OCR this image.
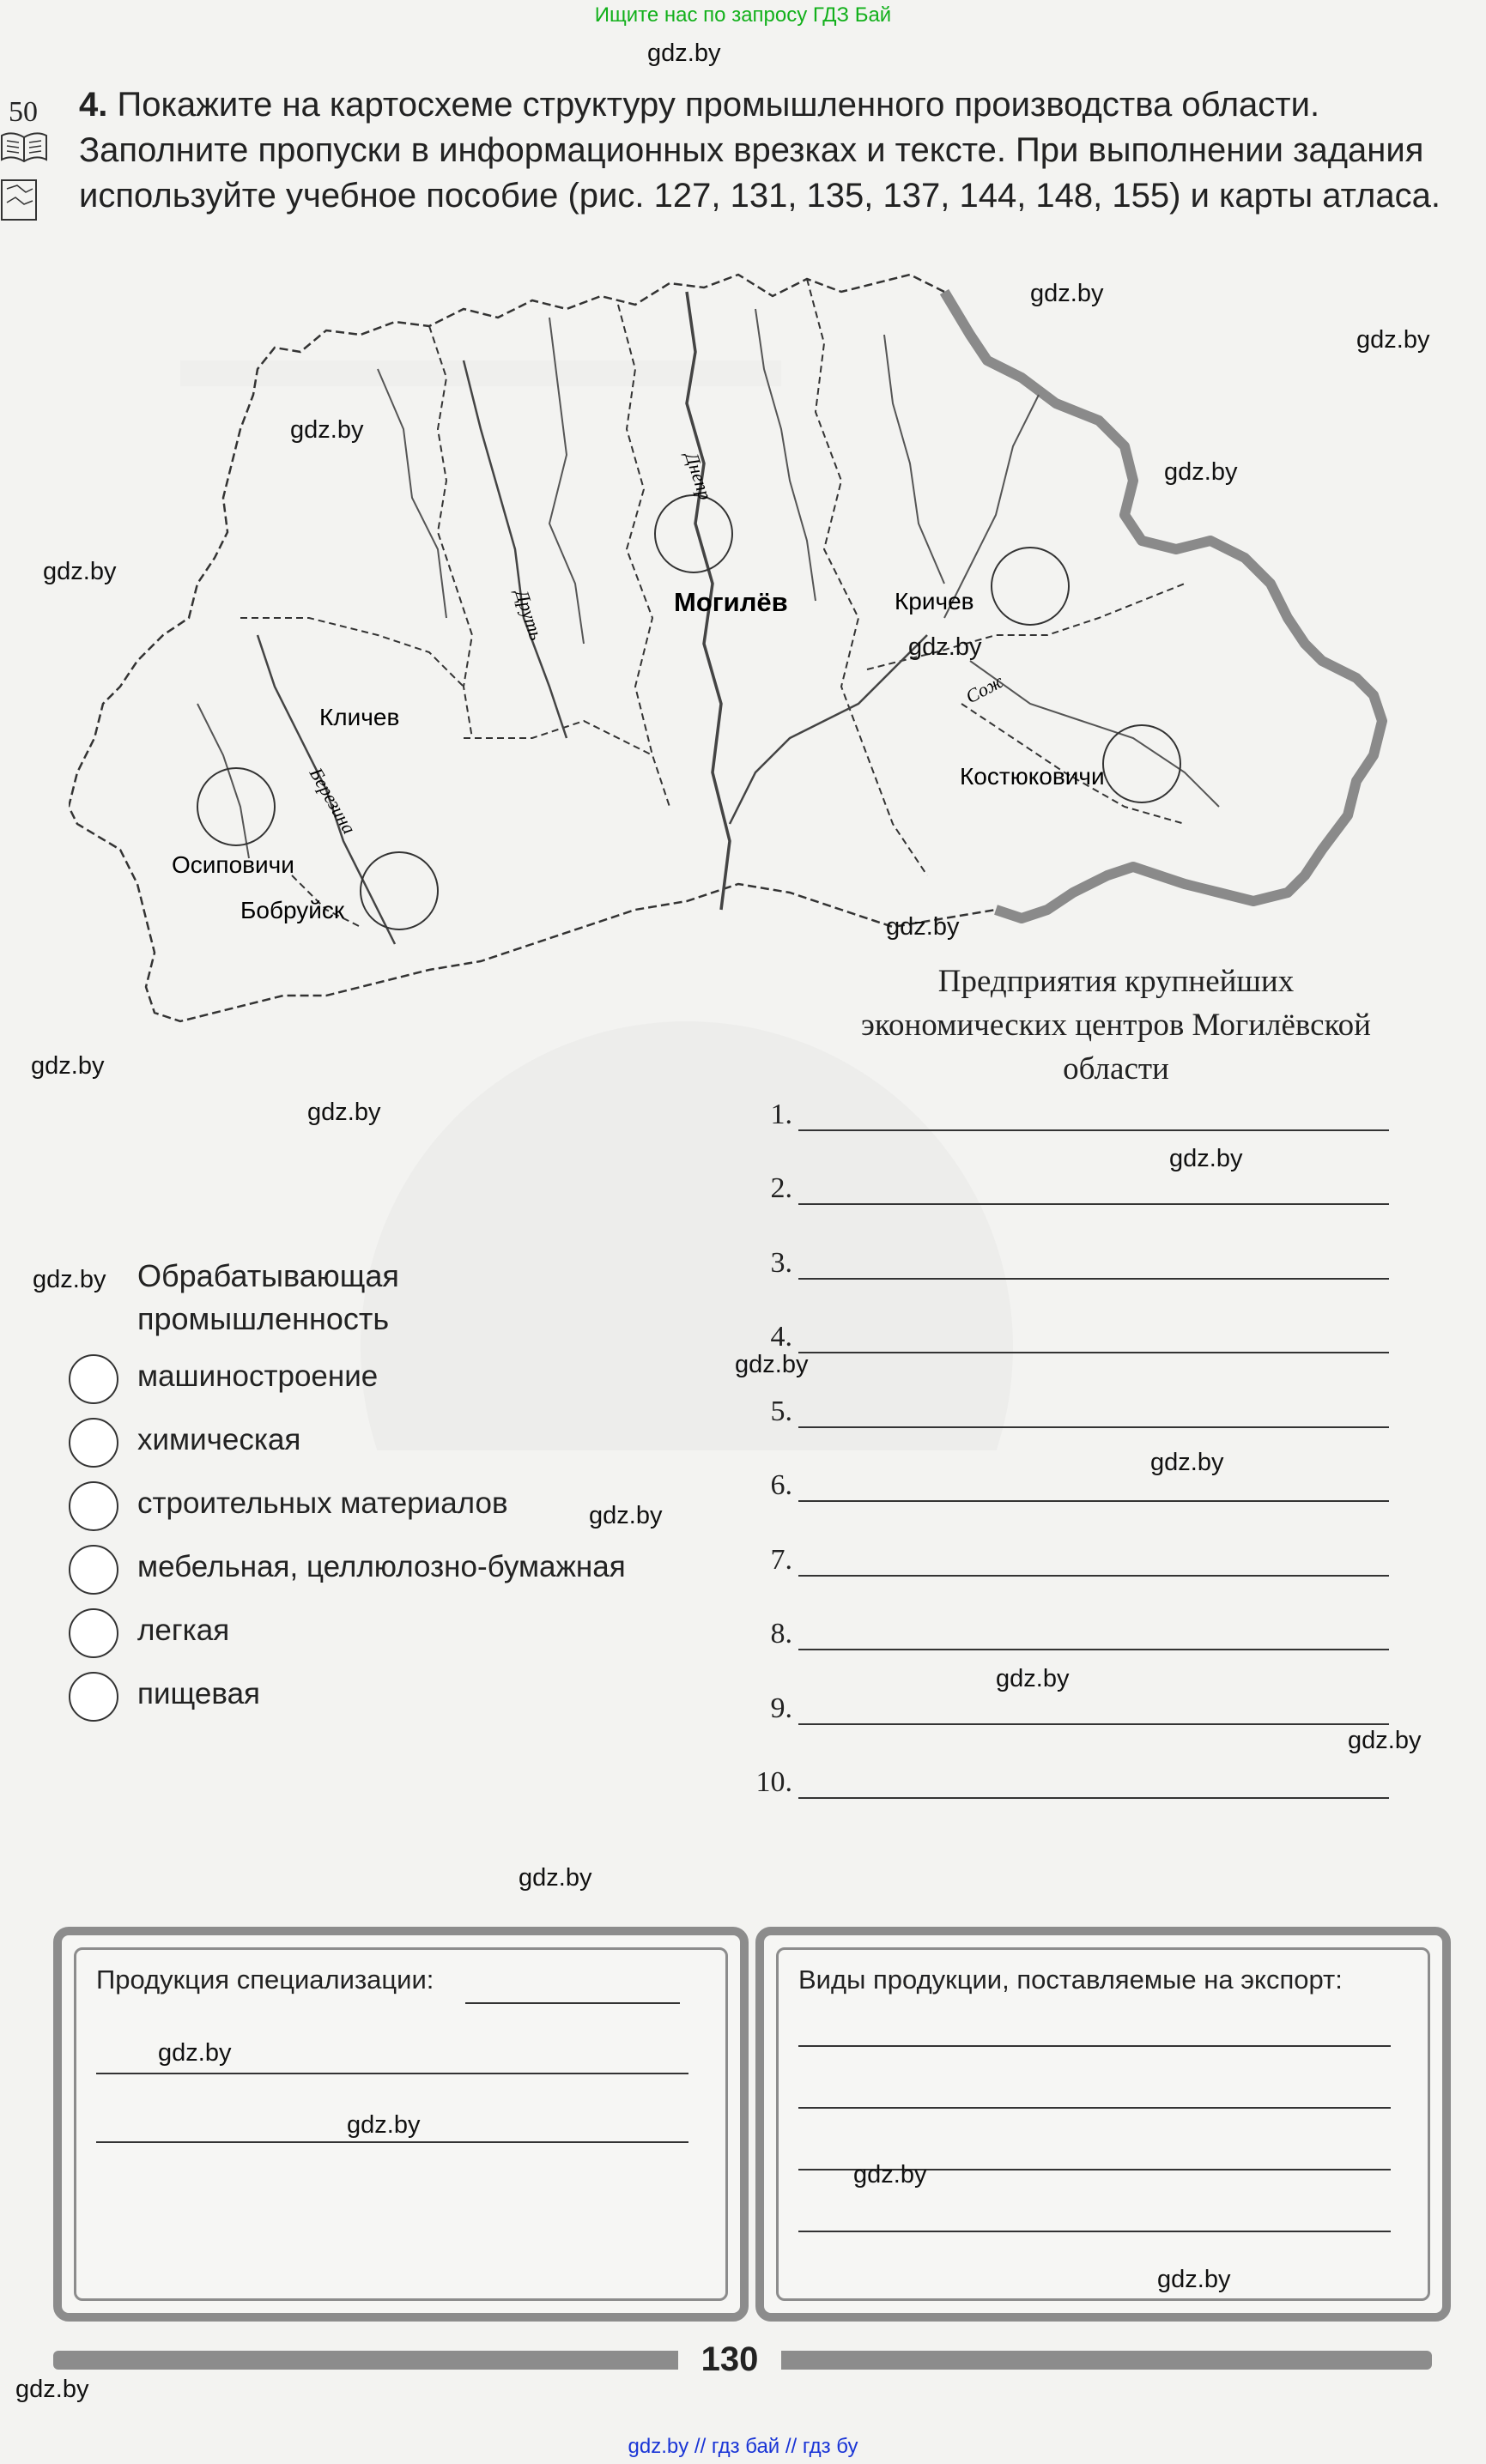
Ищите нас по запросу ГДЗ Бай
50 4. Покажите на картосхеме структуру промышленного производства области. Заполните пропуски в информационных врезках и тексте. При выполнении задания используйте учебное пособие (рис. 127, 131, 135, 137, 144, 148, 155) и карты атласа.
Могилёв	Кричев
Кличев
Осиповичи
Бобруйск
Костюковичи
Днепр
Друть
Березина
Сож
Предприятия крупнейших экономических центров Могилёвской области
1.
2.
3.
4.
5.
6.
7.
8.
9.
10.
Обрабатывающая
промышленность
машиностроение
химическая
строительных материалов
мебельная, целлюлозно-бумажная
легкая
пищевая
Продукция специализации:	Виды продукции, поставляемые на экспорт:
130
gdz.by
gdz.by
gdz.by
gdz.by
gdz.by
gdz.by
gdz.by
gdz.by
gdz.by
gdz.by
gdz.by
gdz.by
gdz.by
gdz.by
gdz.by
gdz.by
gdz.by
gdz.by
gdz.by
gdz.by
gdz.by
gdz.by
gdz.by
gdz.by // гдз бай // гдз бу
